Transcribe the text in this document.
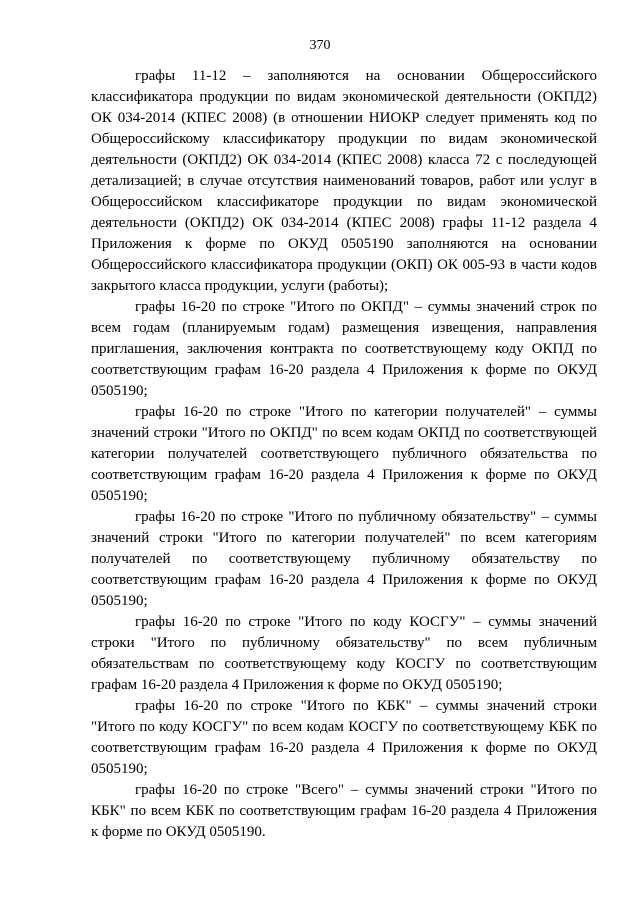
370

графы 11-12 – заполняются на основании Общероссийского классификатора продукции по видам экономической деятельности (ОКПД2) ОК 034-2014 (КПЕС 2008) (в отношении НИОКР следует применять код по Общероссийскому классификатору продукции по видам экономической деятельности (ОКПД2) ОК 034-2014 (КПЕС 2008) класса 72 с последующей детализацией; в случае отсутствия наименований товаров, работ или услуг в Общероссийском классификаторе продукции по видам экономической деятельности (ОКПД2) ОК 034-2014 (КПЕС 2008) графы 11-12 раздела 4 Приложения к форме по ОКУД 0505190 заполняются на основании Общероссийского классификатора продукции (ОКП) ОК 005-93 в части кодов закрытого класса продукции, услуги (работы);

графы 16-20 по строке "Итого по ОКПД" – суммы значений строк по всем годам (планируемым годам) размещения извещения, направления приглашения, заключения контракта по соответствующему коду ОКПД по соответствующим графам 16-20 раздела 4 Приложения к форме по ОКУД 0505190;

графы 16-20 по строке "Итого по категории получателей" – суммы значений строки "Итого по ОКПД" по всем кодам ОКПД по соответствующей категории получателей соответствующего публичного обязательства по соответствующим графам 16-20 раздела 4 Приложения к форме по ОКУД 0505190;

графы 16-20 по строке "Итого по публичному обязательству" – суммы значений строки "Итого по категории получателей" по всем категориям получателей по соответствующему публичному обязательству по соответствующим графам 16-20 раздела 4 Приложения к форме по ОКУД 0505190;

графы 16-20 по строке "Итого по коду КОСГУ" – суммы значений строки "Итого по публичному обязательству" по всем публичным обязательствам по соответствующему коду КОСГУ по соответствующим графам 16-20 раздела 4 Приложения к форме по ОКУД 0505190;

графы 16-20 по строке "Итого по КБК" – суммы значений строки "Итого по коду КОСГУ" по всем кодам КОСГУ по соответствующему КБК по соответствующим графам 16-20 раздела 4 Приложения к форме по ОКУД 0505190;

графы 16-20 по строке "Всего" – суммы значений строки "Итого по КБК" по всем КБК по соответствующим графам 16-20 раздела 4 Приложения к форме по ОКУД 0505190.
